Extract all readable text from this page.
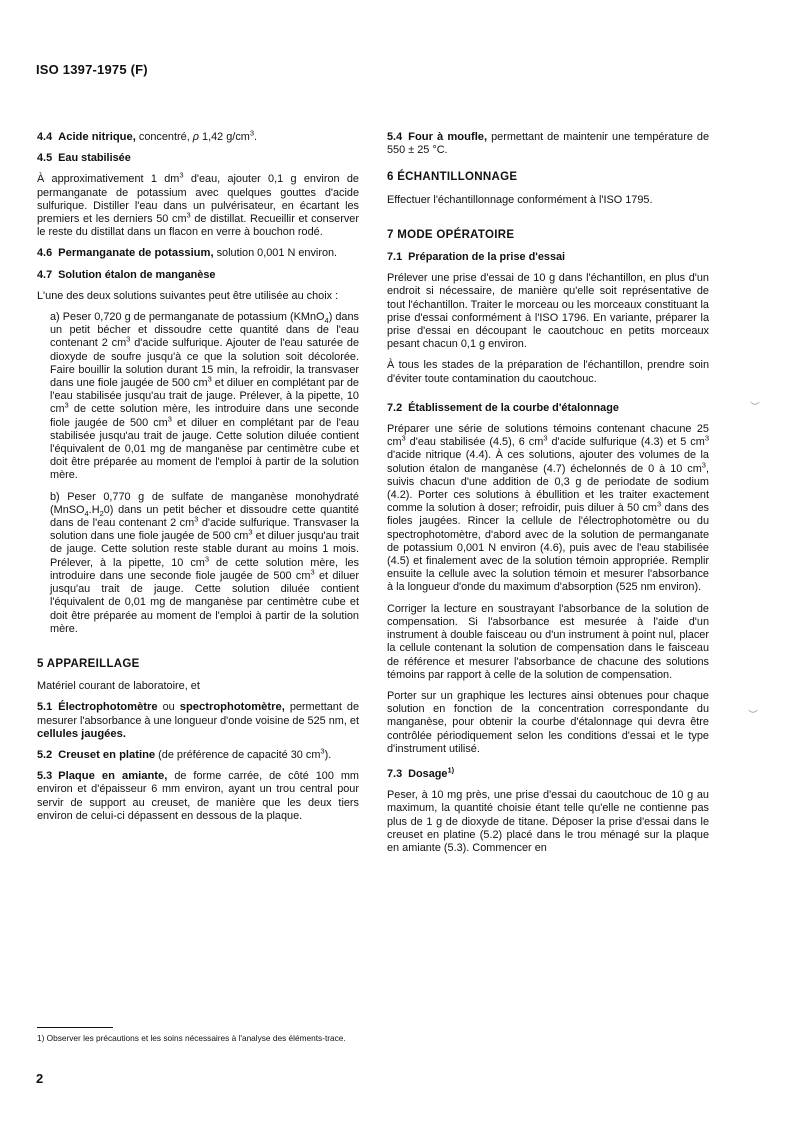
ISO 1397-1975 (F)

4.4 Acide nitrique, concentré, ρ 1,42 $g/cm^3$.

4.5 Eau stabilisée

À approximativement 1 $dm^3$ d'eau, ajouter 0,1 g environ de permanganate de potassium avec quelques gouttes d'acide sulfurique. Distiller l'eau dans un pulvérisateur, en écartant les premiers et les derniers 50 $cm^3$ de distillat. Recueillir et conserver le reste du distillat dans un flacon en verre à bouchon rodé.

4.6 Permanganate de potassium, solution 0,001 N environ.

4.7 Solution étalon de manganèse

L'une des deux solutions suivantes peut être utilisée au choix :

a) Peser 0,720 g de permanganate de potassium (KMnO$_4$) dans un petit bécher et dissoudre cette quantité dans de l'eau contenant 2 $cm^3$ d'acide sulfurique. Ajouter de l'eau saturée de dioxyde de soufre jusqu'à ce que la solution soit décolorée. Faire bouillir la solution durant 15 min, la refroidir, la transvaser dans une fiole jaugée de 500 $cm^3$ et diluer en complétant par de l'eau stabilisée jusqu'au trait de jauge. Prélever, à la pipette, 10 $cm^3$ de cette solution mère, les introduire dans une seconde fiole jaugée de 500 $cm^3$ et diluer en complétant par de l'eau stabilisée jusqu'au trait de jauge. Cette solution diluée contient l'équivalent de 0,01 mg de manganèse par centimètre cube et doit être préparée au moment de l'emploi à partir de la solution mère.

b) Peser 0,770 g de sulfate de manganèse monohydraté $(MnSO_4.H_20)$ dans un petit bécher et dissoudre cette quantité dans de l'eau contenant 2 $cm^3$ d'acide sulfurique. Transvaser la solution dans une fiole jaugée de 500 $cm^3$ et diluer jusqu'au trait de jauge. Cette solution reste stable durant au moins 1 mois. Prélever, à la pipette, 10 $cm^3$ de cette solution mère, les introduire dans une seconde fiole jaugée de 500 $cm^3$ et diluer jusqu'au trait de jauge. Cette solution diluée contient l'équivalent de 0,01 mg de manganèse par centimètre cube et doit être préparée au moment de l'emploi à partir de la solution mère.

5 APPAREILLAGE

Matériel courant de laboratoire, et

5.1 Électrophotomètre ou spectrophotomètre, permettant de mesurer l'absorbance à une longueur d'onde voisine de 525 nm, et cellules jaugées.

5.2 Creuset en platine (de préférence de capacité 30 $cm^3$).

5.3 Plaque en amiante, de forme carrée, de côté 100 mm environ et d'épaisseur 6 mm environ, ayant un trou central pour servir de support au creuset, de manière que les deux tiers environ de celui-ci dépassent en dessous de la plaque.

5.4 Four à moufle, permettant de maintenir une température de 550 ± 25 °C.

6 ÉCHANTILLONNAGE

Effectuer l'échantillonnage conformément à l'ISO 1795.

7 MODE OPÉRATOIRE

7.1 Préparation de la prise d'essai

Prélever une prise d'essai de 10 g dans l'échantillon, en plus d'un endroit si nécessaire, de manière qu'elle soit représentative de tout l'échantillon. Traiter le morceau ou les morceaux constituant la prise d'essai conformément à l'ISO 1796. En variante, préparer la prise d'essai en découpant le caoutchouc en petits morceaux pesant chacun 0,1 g environ.

À tous les stades de la préparation de l'échantillon, prendre soin d'éviter toute contamination du caoutchouc.

7.2 Établissement de la courbe d'étalonnage

Préparer une série de solutions témoins contenant chacune 25 $cm^3$ d'eau stabilisée (4.5), 6 $cm^3$ d'acide sulfurique (4.3) et 5 $cm^3$ d'acide nitrique (4.4). À ces solutions, ajouter des volumes de la solution étalon de manganèse (4.7) échelonnés de 0 à 10 $cm^3$, suivis chacun d'une addition de 0,3 g de periodate de sodium (4.2). Porter ces solutions à ébullition et les traiter exactement comme la solution à doser; refroidir, puis diluer à 50 $cm^3$ dans des fioles jaugées. Rincer la cellule de l'électrophotomètre ou du spectrophotomètre, d'abord avec de la solution de permanganate de potassium 0,001 N environ (4.6), puis avec de l'eau stabilisée (4.5) et finalement avec de la solution témoin appropriée. Remplir ensuite la cellule avec la solution témoin et mesurer l'absorbance à la longueur d'onde du maximum d'absorption (525 nm environ).

Corriger la lecture en soustrayant l'absorbance de la solution de compensation. Si l'absorbance est mesurée à l'aide d'un instrument à double faisceau ou d'un instrument à point nul, placer la cellule contenant la solution de compensation dans le faisceau de référence et mesurer l'absorbance de chacune des solutions témoins par rapport à celle de la solution de compensation.

Porter sur un graphique les lectures ainsi obtenues pour chaque solution en fonction de la concentration correspondante du manganèse, pour obtenir la courbe d'étalonnage qui devra être contrôlée périodiquement selon les conditions d'essai et le type d'instrument utilisé.

7.3 Dosage$^{1)}$

Peser, à 10 mg près, une prise d'essai du caoutchouc de 10 g au maximum, la quantité choisie étant telle qu'elle ne contienne pas plus de 1 g de dioxyde de titane. Déposer la prise d'essai dans le creuset en platine (5.2) placé dans le trou ménagé sur la plaque en amiante (5.3). Commencer en

1) Observer les précautions et les soins nécessaires à l'analyse des éléments-trace.
2
︶
︶
